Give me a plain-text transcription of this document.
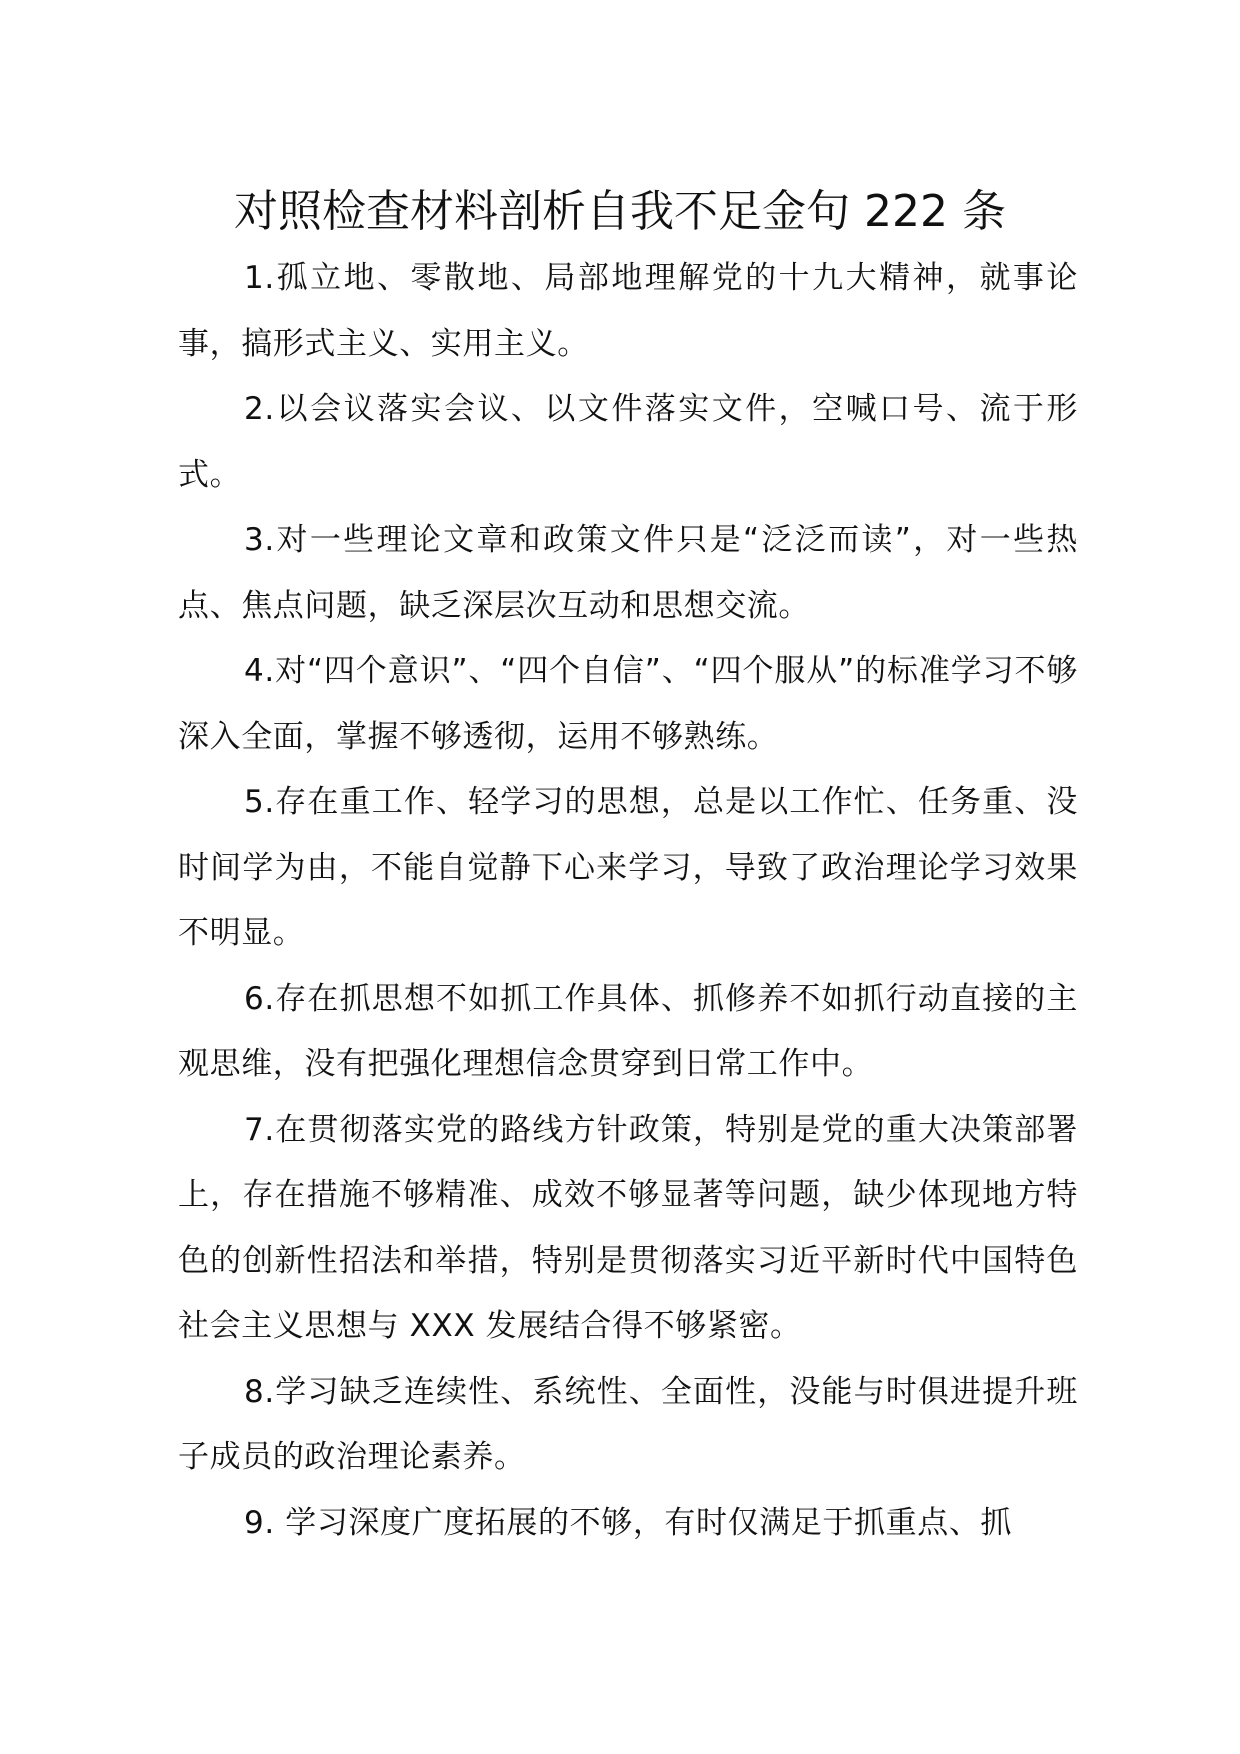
对照检查材料剖析自我不足金句 222 条

1.孤立地、零散地、局部地理解党的十九大精神，就事论事，搞形式主义、实用主义。

2.以会议落实会议、以文件落实文件，空喊口号、流于形式。

3.对一些理论文章和政策文件只是“泛泛而读”，对一些热点、焦点问题，缺乏深层次互动和思想交流。

4.对“四个意识”、“四个自信”、“四个服从”的标准学习不够深入全面，掌握不够透彻，运用不够熟练。

5.存在重工作、轻学习的思想，总是以工作忙、任务重、没时间学为由，不能自觉静下心来学习，导致了政治理论学习效果不明显。

6.存在抓思想不如抓工作具体、抓修养不如抓行动直接的主观思维，没有把强化理想信念贯穿到日常工作中。

7.在贯彻落实党的路线方针政策，特别是党的重大决策部署上，存在措施不够精准、成效不够显著等问题，缺少体现地方特色的创新性招法和举措，特别是贯彻落实习近平新时代中国特色社会主义思想与 XXX 发展结合得不够紧密。

8.学习缺乏连续性、系统性、全面性，没能与时俱进提升班子成员的政治理论素养。

9. 学习深度广度拓展的不够，有时仅满足于抓重点、抓
